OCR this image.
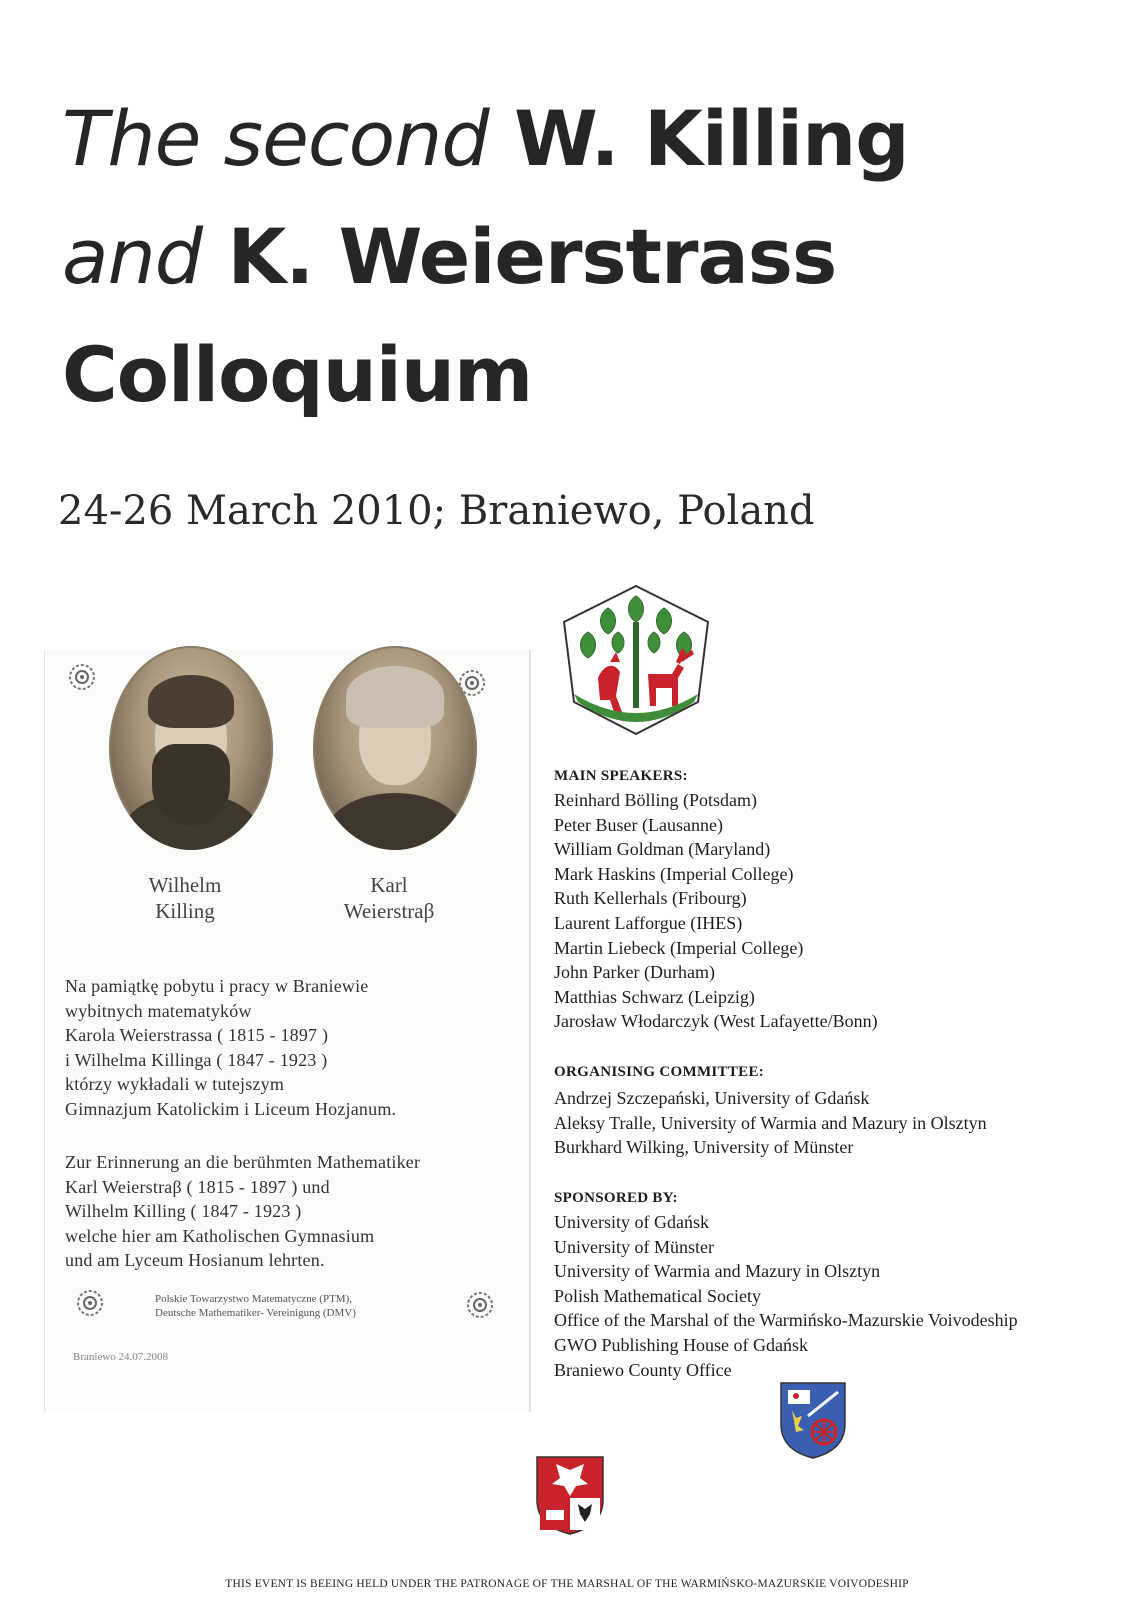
The second W. Killing
and K. Weierstrass
Colloquium
24-26 March 2010; Braniewo, Poland
Wilhelm
Killing
Karl
Weierstraβ
Na pamiątkę pobytu i pracy w Braniewie
wybitnych matematyków
Karola Weierstrassa ( 1815 - 1897 )
i Wilhelma Killinga ( 1847 - 1923 )
którzy wykładali w tutejszym
Gimnazjum Katolickim i Liceum Hozjanum.
Zur Erinnerung an die berühmten Mathematiker
Karl Weierstraβ ( 1815 - 1897 ) und
Wilhelm Killing ( 1847 - 1923 )
welche hier am Katholischen Gymnasium
und am Lyceum Hosianum lehrten.
Polskie Towarzystwo Matematyczne (PTM),
Deutsche Mathematiker- Vereinigung (DMV)
Braniewo 24.07.2008
MAIN SPEAKERS:
Reinhard Bölling (Potsdam)
Peter Buser (Lausanne)
William Goldman (Maryland)
Mark Haskins (Imperial College)
Ruth Kellerhals (Fribourg)
Laurent Lafforgue (IHES)
Martin Liebeck (Imperial College)
John Parker (Durham)
Matthias Schwarz (Leipzig)
Jarosław Włodarczyk (West Lafayette/Bonn)
ORGANISING COMMITTEE:
Andrzej Szczepański, University of Gdańsk
Aleksy Tralle, University of Warmia and Mazury in Olsztyn
Burkhard Wilking, University of Münster
SPONSORED BY:
University of Gdańsk
University of Münster
University of Warmia and Mazury in Olsztyn
Polish Mathematical Society
Office of the Marshal of the Warmińsko-Mazurskie Voivodeship
GWO Publishing House of Gdańsk
Braniewo County Office
THIS EVENT IS BEEING HELD UNDER THE PATRONAGE OF THE MARSHAL OF THE WARMIŃSKO-MAZURSKIE VOIVODESHIP
